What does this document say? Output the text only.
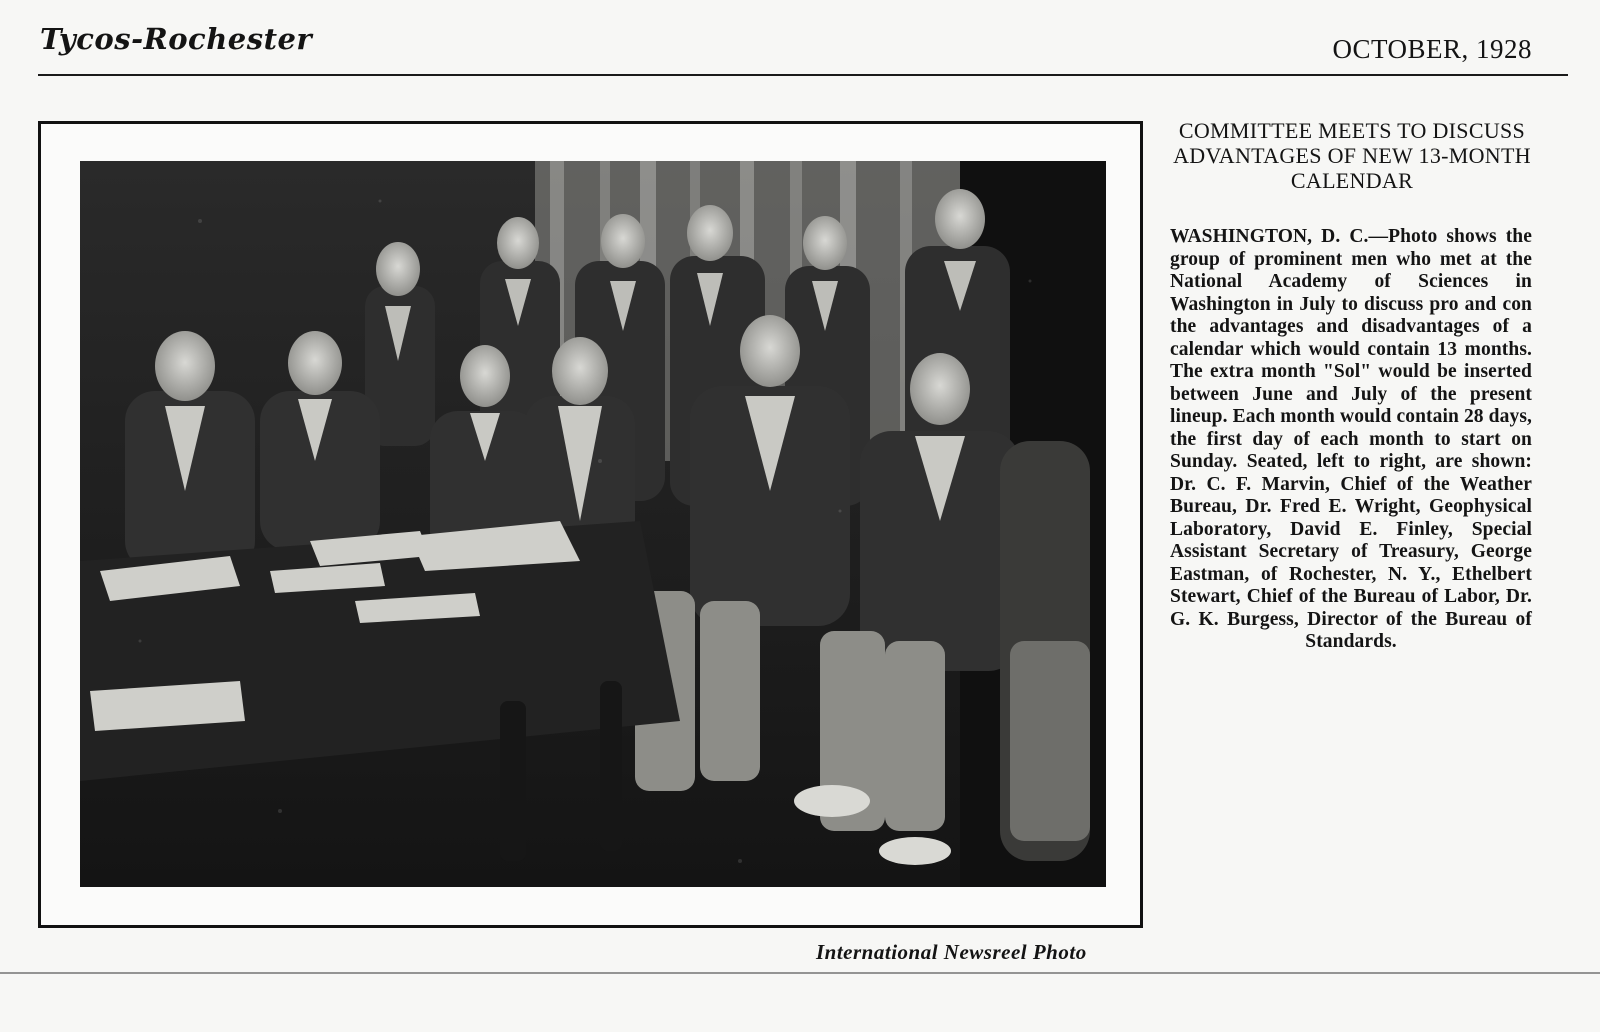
Tycos-Rochester	OCTOBER, 1928
International Newsreel Photo
COMMITTEE MEETS TO DISCUSS ADVANTAGES OF NEW 13-MONTH CALENDAR
WASHINGTON, D. C.—Photo shows the group of prominent men who met at the National Academy of Sciences in Washington in July to discuss pro and con the advantages and disadvantages of a calendar which would contain 13 months. The extra month "Sol" would be inserted between June and July of the present lineup. Each month would contain 28 days, the first day of each month to start on Sunday. Seated, left to right, are shown: Dr. C. F. Marvin, Chief of the Weather Bureau, Dr. Fred E. Wright, Geophysical Laboratory, David E. Finley, Special Assistant Secretary of Treasury, George Eastman, of Rochester, N. Y., Ethelbert Stewart, Chief of the Bureau of Labor, Dr. G. K. Burgess, Director of the Bureau of Standards.
